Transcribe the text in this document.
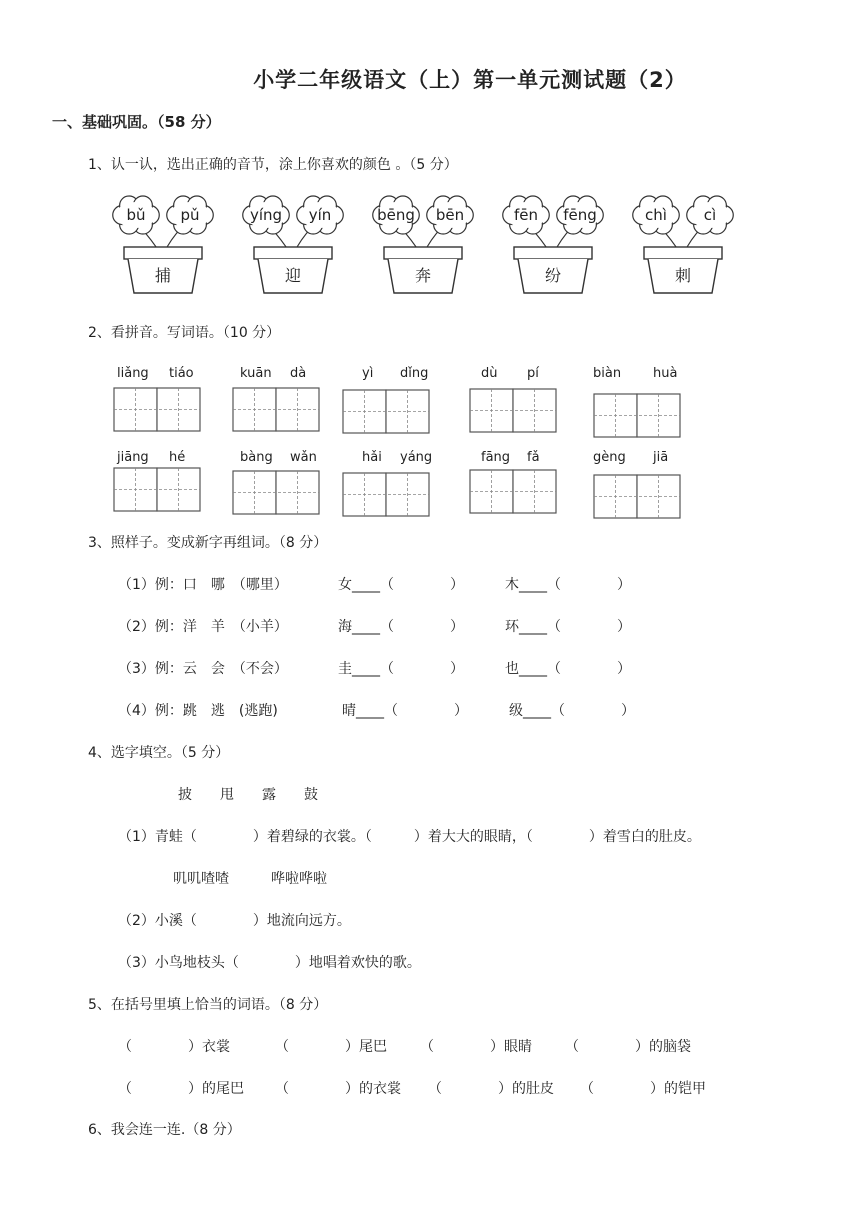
小学二年级语文（上）第一单元测试题（2）
一、基础巩固。（58 分）
1、认一认，选出正确的音节，涂上你喜欢的颜色 。（5 分）
bǔ pǔ
捕
yíng yín
迎
bēng bēn
奔
fēn fēng
纷
chì cì
刺
2、看拼音。写词语。（10 分）
liǎng tiáo	kuān dà	yì dǐng	dù pí	biàn huà
jiāng hé	bàng wǎn	hǎi yáng	fāng fǎ	gèng jiā
3、照样子。变成新字再组词。（8 分）
（1）例：口　哪　（哪里）	女____（　　　　）	木____（　　　　）
（2）例：洋　羊　（小羊）	海____（　　　　）	环____（　　　　）
（3）例：云　会　（不会）	圭____（　　　　）	也____（　　　　）
（4）例：跳　逃　(逃跑)	晴____（　　　　）	级____（　　　　）
4、选字填空。（5 分）
披　　甩　　露　　鼓
（1）青蛙（　　　　）着碧绿的衣裳。（　　　）着大大的眼睛，（　　　　）着雪白的肚皮。
叽叽喳喳　　　哗啦哗啦
（2）小溪（　　　　）地流向远方。
（3）小鸟地枝头（　　　　）地唱着欢快的歌。
5、在括号里填上恰当的词语。（8 分）
（　　　　）衣裳	（　　　　）尾巴 （　　　　）眼睛 （　　　　）的脑袋
（　　　　）的尾巴 （　　　　）的衣裳 （　　　　）的肚皮 （　　　　）的铠甲
6、我会连一连.（8 分）
